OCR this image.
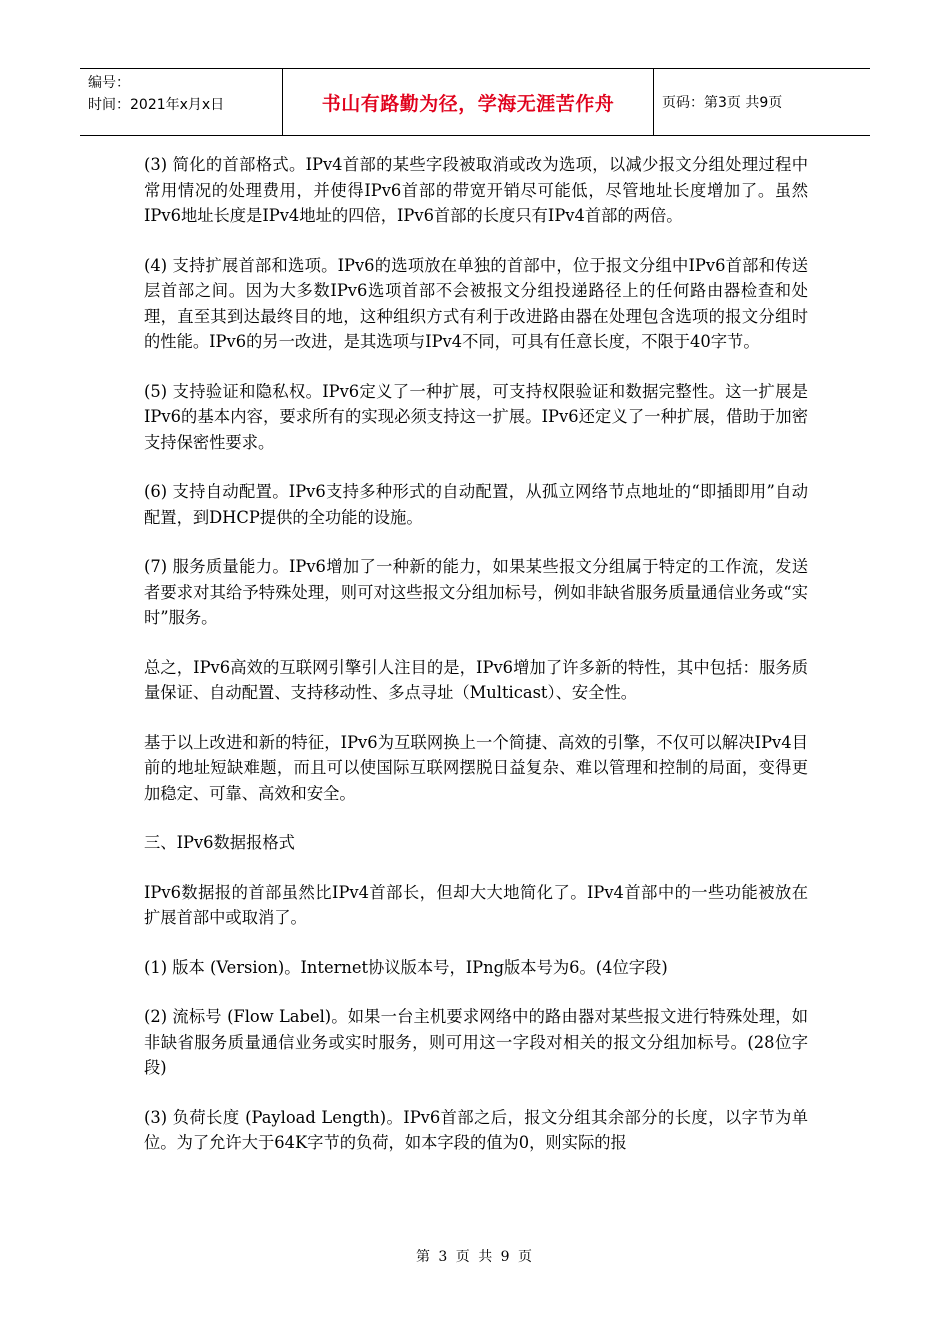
编号：
时间：2021年x月x日	书山有路勤为径，学海无涯苦作舟	页码：第3页 共9页

(3) 简化的首部格式。IPv4首部的某些字段被取消或改为选项，以减少报文分组处理过程中常用情况的处理费用，并使得IPv6首部的带宽开销尽可能低，尽管地址长度增加了。虽然IPv6地址长度是IPv4地址的四倍，IPv6首部的长度只有IPv4首部的两倍。

(4) 支持扩展首部和选项。IPv6的选项放在单独的首部中，位于报文分组中IPv6首部和传送层首部之间。因为大多数IPv6选项首部不会被报文分组投递路径上的任何路由器检查和处理，直至其到达最终目的地，这种组织方式有利于改进路由器在处理包含选项的报文分组时的性能。IPv6的另一改进，是其选项与IPv4不同，可具有任意长度，不限于40字节。

(5) 支持验证和隐私权。IPv6定义了一种扩展，可支持权限验证和数据完整性。这一扩展是IPv6的基本内容，要求所有的实现必须支持这一扩展。IPv6还定义了一种扩展，借助于加密支持保密性要求。

(6) 支持自动配置。IPv6支持多种形式的自动配置，从孤立网络节点地址的“即插即用”自动配置，到DHCP提供的全功能的设施。

(7) 服务质量能力。IPv6增加了一种新的能力，如果某些报文分组属于特定的工作流，发送者要求对其给予特殊处理，则可对这些报文分组加标号，例如非缺省服务质量通信业务或“实时”服务。

总之，IPv6高效的互联网引擎引人注目的是，IPv6增加了许多新的特性，其中包括：服务质量保证、自动配置、支持移动性、多点寻址（Multicast）、安全性。

基于以上改进和新的特征，IPv6为互联网换上一个简捷、高效的引擎，不仅可以解决IPv4目前的地址短缺难题，而且可以使国际互联网摆脱日益复杂、难以管理和控制的局面，变得更加稳定、可靠、高效和安全。

三、IPv6数据报格式

IPv6数据报的首部虽然比IPv4首部长，但却大大地简化了。IPv4首部中的一些功能被放在扩展首部中或取消了。

(1) 版本 (Version)。Internet协议版本号，IPng版本号为6。(4位字段)

(2) 流标号 (Flow Label)。如果一台主机要求网络中的路由器对某些报文进行特殊处理，如非缺省服务质量通信业务或实时服务，则可用这一字段对相关的报文分组加标号。(28位字段)

(3) 负荷长度 (Payload Length)。IPv6首部之后，报文分组其余部分的长度，以字节为单位。为了允许大于64K字节的负荷，如本字段的值为0，则实际的报

第 3 页 共 9 页
